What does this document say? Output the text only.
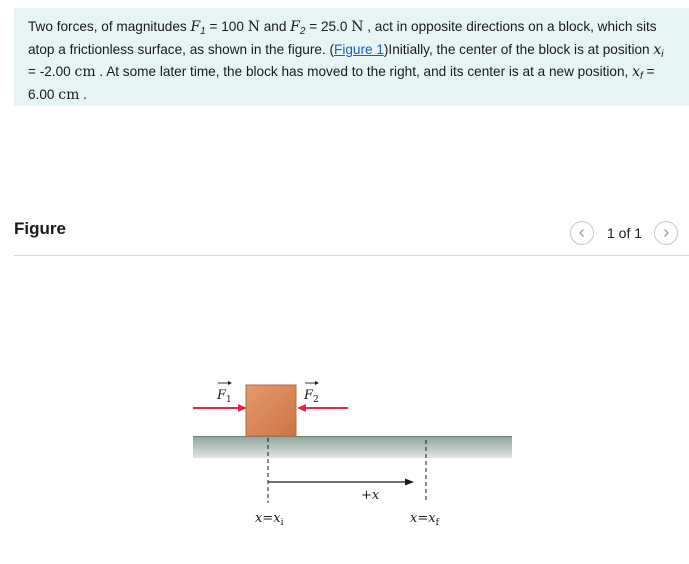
Two forces, of magnitudes $F_1 = 100$ N and $F_2 = 25.0$ N , act in opposite directions on a block, which sits atop a frictionless surface, as shown in the figure. (Figure 1)Initially, the center of the block is at position $x_i = -2.00$ cm . At some later time, the block has moved to the right, and its center is at a new position, $x_f = 6.00$ cm .

Figure	1 of 1
$F_1$	$F_2$
+x
$x=x_i$	$x=x_f$
